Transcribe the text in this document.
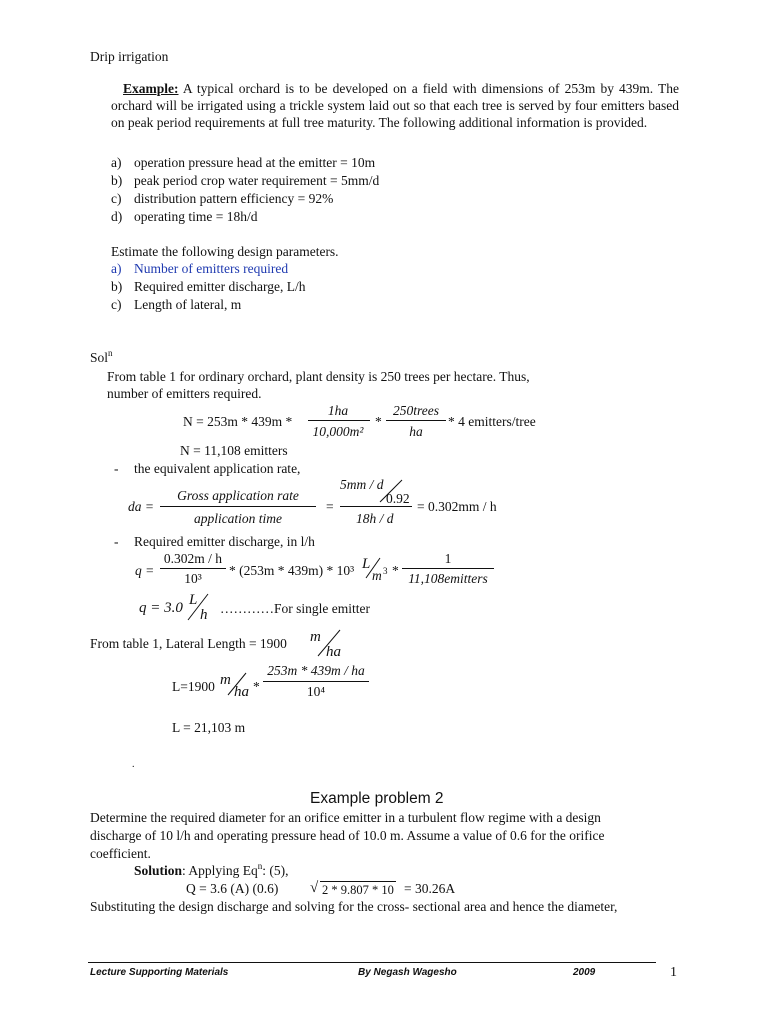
Drip irrigation
Example: A typical orchard is to be developed on a field with dimensions of 253m by 439m. The orchard will be irrigated using a trickle system laid out so that each tree is served by four emitters based on peak period requirements at full tree maturity. The following additional information is provided.
a) operation pressure head at the emitter = 10m
b) peak period crop water requirement = 5mm/d
c) distribution pattern efficiency = 92%
d) operating time = 18h/d
Estimate the following design parameters.
a) Number of emitters required
b) Required emitter discharge, L/h
c) Length of lateral, m
Sol$^n$
From table 1 for ordinary orchard, plant density is 250 trees per hectare. Thus,
number of emitters required.
N = 253m * 439m *
1ha
10,000m²
*
250trees
ha
* 4 emitters/tree
N = 11,108 emitters
- the equivalent application rate,
da =
Gross application rate
application time
=
5mm / d
0.92
18h / d
= 0.302mm / h
- Required emitter discharge, in l/h
q =
0.302m / h
10³
* (253m * 439m) * 10³ L
m 3 *
1
11,108emitters
q = 3.0 L
h …………For single emitter
From table 1, Lateral Length = 1900 m
ha
L=1900 m
ha *
253m * 439m / ha
10⁴
L = 21,103 m
.
Example problem 2
Determine the required diameter for an orifice emitter in a turbulent flow regime with a design
discharge of 10 l/h and operating pressure head of 10.0 m. Assume a value of 0.6 for the orifice
coefficient.
Solution: Applying Eq$^n$: (5),
Q = 3.6 (A) (0.6) √ 2 * 9.807 * 10 = 30.26A
Substituting the design discharge and solving for the cross- sectional area and hence the diameter,
Lecture Supporting Materials	By Negash Wagesho	2009	1
